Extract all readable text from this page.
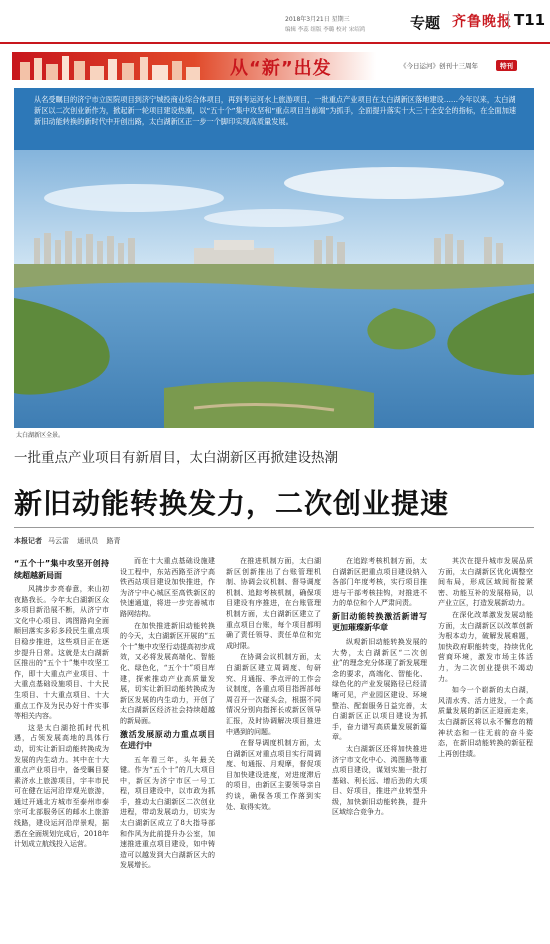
2018年3月21日 星期三
编辑 李蕊 组版 李璐 校对 宋绍鸿	专题 齐鲁晚报 T11
从“新”出发	《今日运河》创刊十三周年	特刊
从名受瞩目的济宁市立医院项目到济宁城投商业综合体项目，再到考运河水上旅游项目，一批重点产业项目在太白湖新区落地建设……今年以来，太白湖新区以二次创业新作为，掀起新一轮项目建设热潮，以“五十个”集中攻坚和“重点项目当前端”为抓手，全面提升落实十大三十全安全的指标，在全面加速新旧动能转换的新时代中开创出路，太白湖新区正一步一个脚印实现高质量发展。
太白湖新区全景。
一批重点产业项目有新眉目，太白湖新区再掀建设热潮
新旧动能转换发力，二次创业提速
本报记者 马云雷 通讯员 路青
“五个十”集中攻坚开创持续超越新局面

风拂步步亮春意，来山初夜路我长。今年太白湖新区众多项目新沿展不断，从济宁市文化中心项目、鸿图路向全面顺回落实多彩多段民生重点项目稳步推进，这些项目正在逐步提升日常。这就是太白湖新区推出的“五个十”集中攻坚工作，即十大重点产业项目、十大重点基础设施项目、十大民生项目、十大重点项目、十大重点工作及为民办好十件实事等相关内容。

这是太白湖抢抓时代机遇，占领发展高地的具体行动，切实让新旧动能转换成为发展的内生动力。其中在十大重点产业项目中，备受瞩目要素济水上旅游项目，宇丰市民可在健在运河沿岸观光旅游，通过开通北方城市至泰州市泰宗可北部服务区的邮水上旅游线路，建设运河沿岸景观，据悉在全面规划完成后，2018年计划成立航线投入运营。

而在十大重点基础设施建设工程中，东站西路至济宁高铁西站项目建设加快推进，作为济宁中心城区至高铁新区的快速通道，将进一步完善城市路网结构。

在加快推进新旧动能转换的今天，太白湖新区开展的“五个十”集中攻坚行动提高初步成效，又必将发展高端化、智能化、绿色化，“五个十”项目库建，探索推动产业高质量发展，切实让新旧动能转换成为新区发展的内生动力，开创了太白湖新区经济社会持续超越的新局面。

激活发展原动力重点项目在进行中

五年看三年，头年最关键。作为“五个十”的几大项目中，新区为济宁市区一号工程，项目建设中，以市政为抓手，推动太白湖新区二次创业进程，带动发展动力，切实为太白湖新区成立了8大指导部和作风为此前提升办公室，加速推进重点项目建设，如中铸造可以越发到大白湖新区大的发展增长。

在推进机制方面，太白湖新区创新推出了台账管理机制、协调会议机制、督导调度机制、追踪考核机制，确保项目建设有序推进，在台账管理机制方面，太白湖新区建立了重点项目台账，每个项目都明确了责任领导、责任单位和完成时限。

在协调会议机制方面，太白湖新区建立周调度、旬研究、月通报、季点评的工作会议制度，各重点项目指挥部每周召开一次碰头会，根据不同情况分别向指挥长或新区领导汇报，及时协调解决项目推进中遇到的问题。

在督导调度机制方面，太白湖新区对重点项目实行周调度、旬通报、月观摩，督促项目加快建设进度，对进度滞后的项目，由新区主要领导亲自约谈，确保各项工作落到实处、取得实效。

在追踪考核机制方面，太白湖新区把重点项目建设纳入各部门年度考核，实行项目推进与干部考核挂钩，对推进不力的单位和个人严肃问责。

新旧动能转换激活新谱写更加璀璨新华章

纵观新旧动能转换发展的大势，太白湖新区“二次创业”的理念充分体现了新发展理念的要求，高端化、智能化、绿色化的产业发展路径已经清晰可见，产业园区建设、环境整治、配套服务日益完善，太白湖新区正以项目建设为抓手，奋力谱写高质量发展新篇章。

太白湖新区还将加快推进济宁市文化中心、鸿图路等重点项目建设，谋划实施一批打基础、利长远、增后劲的大项目、好项目，推进产业转型升级，加快新旧动能转换，提升区域综合竞争力。

其次在提升城市发展品质方面，太白湖新区优化调整空间布局，形成区域间衔接紧密、功能互补的发展格局，以产业立区，打造发展新动力。

在深化改革激发发展动能方面，太白湖新区以改革创新为根本动力，破解发展难题，加快政府职能转变，持续优化营商环境，激发市场主体活力，为二次创业提供不竭动力。

如今一个崭新的太白湖，风清水秀、活力迸发，一个高质量发展的新区正迎面走来，太白湖新区将以永不懈怠的精神状态和一往无前的奋斗姿态，在新旧动能转换的新征程上再创佳绩。
